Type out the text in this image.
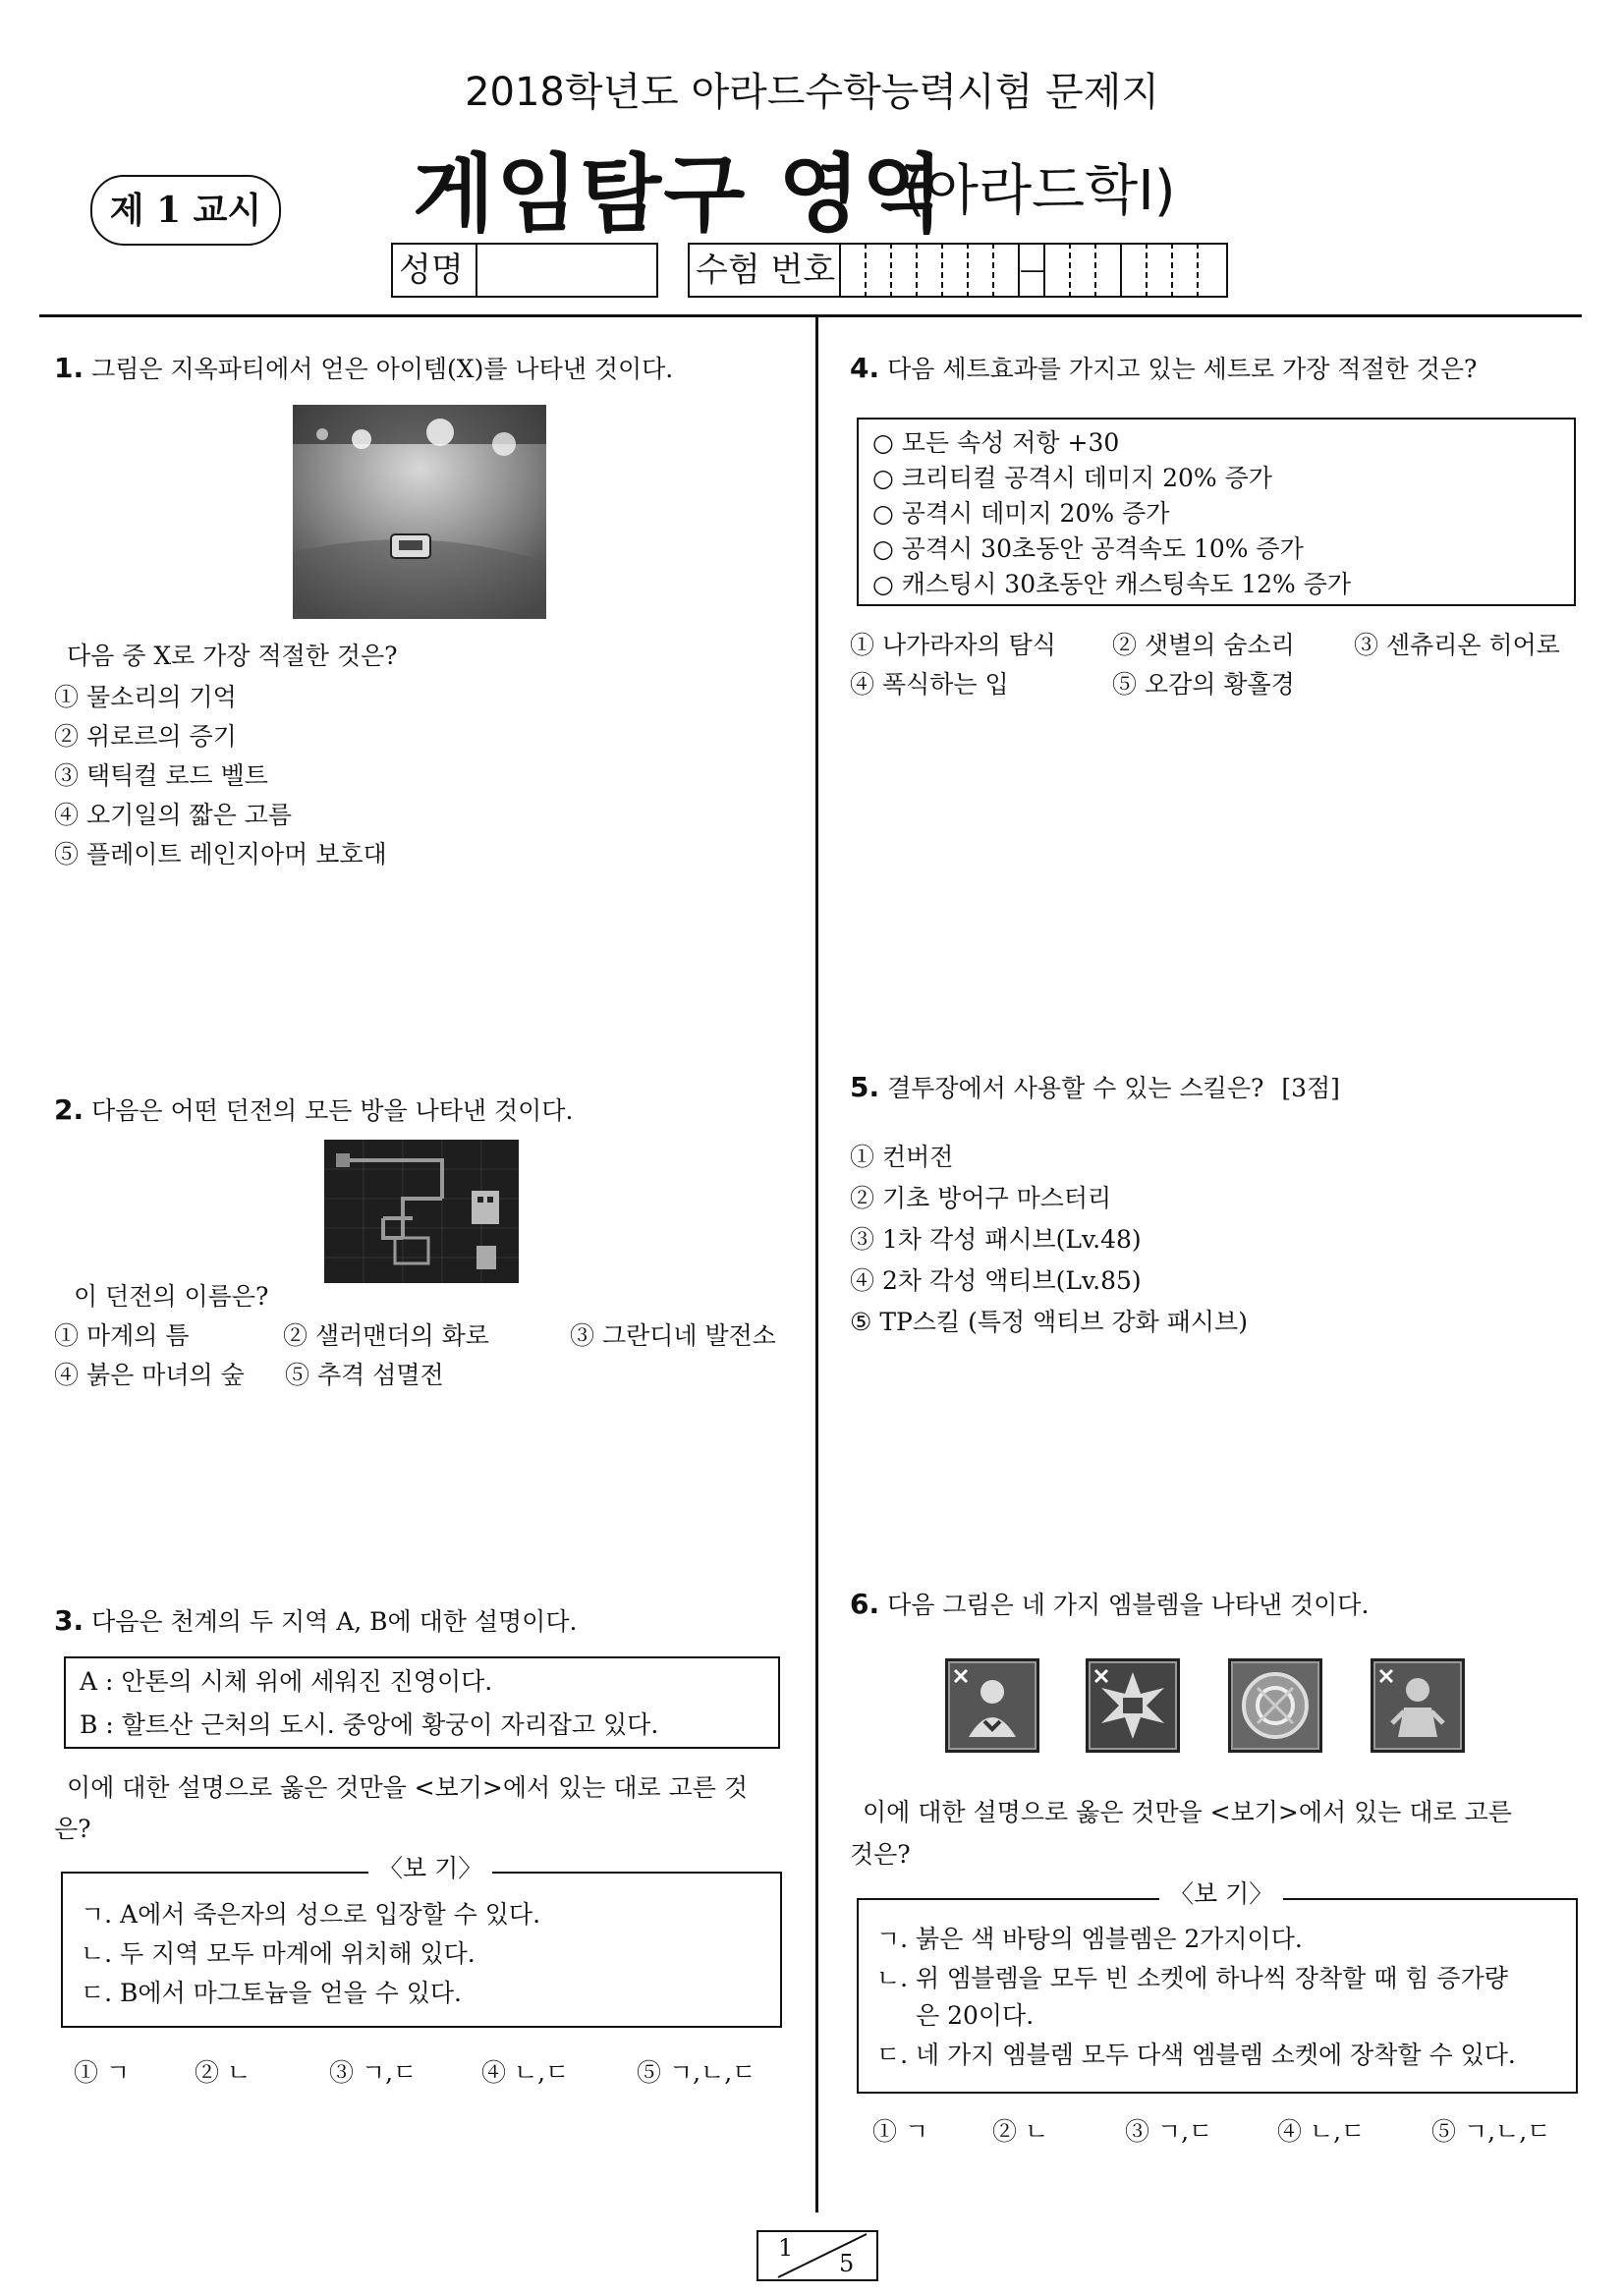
2018학년도 아라드수학능력시험 문제지
제 1 교시 게임탐구 영역
(아라드학Ⅰ)
성명	수험 번호	—
1. 그림은 지옥파티에서 얻은 아이템(X)를 나타낸 것이다.
다음 중 X로 가장 적절한 것은?
① 물소리의 기억
② 위로르의 증기
③ 택틱컬 로드 벨트
④ 오기일의 짧은 고름
⑤ 플레이트 레인지아머 보호대
2. 다음은 어떤 던전의 모든 방을 나타낸 것이다.
이 던전의 이름은?
① 마계의 틈	② 샐러맨더의 화로	③ 그란디네 발전소
④ 붉은 마녀의 숲 ⑤ 추격 섬멸전
3. 다음은 천계의 두 지역 A, B에 대한 설명이다.
A : 안톤의 시체 위에 세워진 진영이다.
B : 할트산 근처의 도시. 중앙에 황궁이 자리잡고 있다.
이에 대한 설명으로 옳은 것만을 <보기>에서 있는 대로 고른 것
은?
ㄱ. A에서 죽은자의 성으로 입장할 수 있다.
ㄴ. 두 지역 모두 마계에 위치해 있다.
ㄷ. B에서 마그토늄을 얻을 수 있다.
〈보 기〉
① ㄱ	② ㄴ	③ ㄱ,ㄷ	④ ㄴ,ㄷ	⑤ ㄱ,ㄴ,ㄷ
4. 다음 세트효과를 가지고 있는 세트로 가장 적절한 것은?
○ 모든 속성 저항 +30
○ 크리티컬 공격시 데미지 20% 증가
○ 공격시 데미지 20% 증가
○ 공격시 30초동안 공격속도 10% 증가
○ 캐스팅시 30초동안 캐스팅속도 12% 증가
① 나가라자의 탐식 ② 샛별의 숨소리 ③ 센츄리온 히어로
④ 폭식하는 입	⑤ 오감의 황홀경
5. 결투장에서 사용할 수 있는 스킬은? [3점]
① 컨버전
② 기초 방어구 마스터리
③ 1차 각성 패시브(Lv.48)
④ 2차 각성 액티브(Lv.85)
⑤ TP스킬 (특정 액티브 강화 패시브)
6. 다음 그림은 네 가지 엠블렘을 나타낸 것이다.
이에 대한 설명으로 옳은 것만을 <보기>에서 있는 대로 고른
것은?
ㄱ. 붉은 색 바탕의 엠블렘은 2가지이다.
ㄴ. 위 엠블렘을 모두 빈 소켓에 하나씩 장착할 때 힘 증가량
은 20이다.
ㄷ. 네 가지 엠블렘 모두 다색 엠블렘 소켓에 장착할 수 있다.
〈보 기〉
① ㄱ	② ㄴ	③ ㄱ,ㄷ	④ ㄴ,ㄷ	⑤ ㄱ,ㄴ,ㄷ
1
5
